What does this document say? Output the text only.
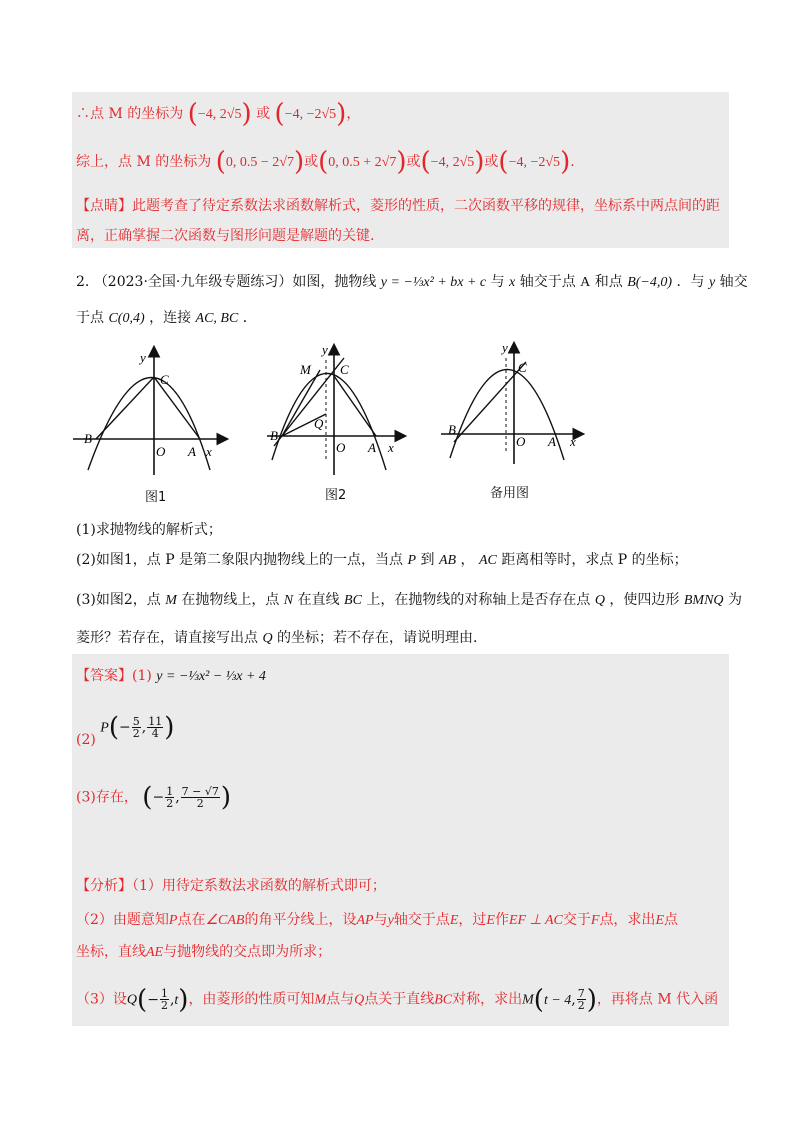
∴点 M 的坐标为 (−4, 2√5) 或 (−4, −2√5)，
综上，点 M 的坐标为 (0, 0.5 − 2√7)或(0, 0.5 + 2√7)或(−4, 2√5)或(−4, −2√5).
【点睛】此题考查了待定系数法求函数解析式，菱形的性质，二次函数平移的规律，坐标系中两点间的距
离，正确掌握二次函数与图形问题是解题的关键.
2. （2023·全国·九年级专题练习）如图，抛物线 y = −⅓x² + bx + c 与 x 轴交于点 A 和点 B(−4,0) ．与 y 轴交
于点 C(0,4) ，连接 AC, BC ．
y
C
B
O A x
图1
y
M C
Q
B
O A x
图2
y
C
B
O A x
备用图
(1)求抛物线的解析式；
(2)如图1，点 P 是第二象限内抛物线上的一点，当点 P 到 AB ， AC 距离相等时，求点 P 的坐标；
(3)如图2，点 M 在抛物线上，点 N 在直线 BC 上，在抛物线的对称轴上是否存在点 Q ，使四边形 BMNQ 为
菱形？若存在，请直接写出点 Q 的坐标；若不存在，请说明理由.
【答案】(1) y = −⅓x² − ⅓x + 4
(2) $P(- \frac{5}{2}$ , $\frac{11}{4}$ )
(3)存在， (− $\frac{1}{2}$ , $\frac{7 - √7}{2}$ )
【分析】（1）用待定系数法求函数的解析式即可；
（2）由题意知P点在∠CAB的角平分线上，设AP与y轴交于点E，过E作EF ⊥ AC交于F点，求出E点
坐标，直线AE与抛物线的交点即为所求；
（3）设$Q(- \frac{1}{2} ,t)$，由菱形的性质可知M点与Q点关于直线BC对称，求出M(t − 4, $\frac{7}{2}$ )，再将点 M 代入函
